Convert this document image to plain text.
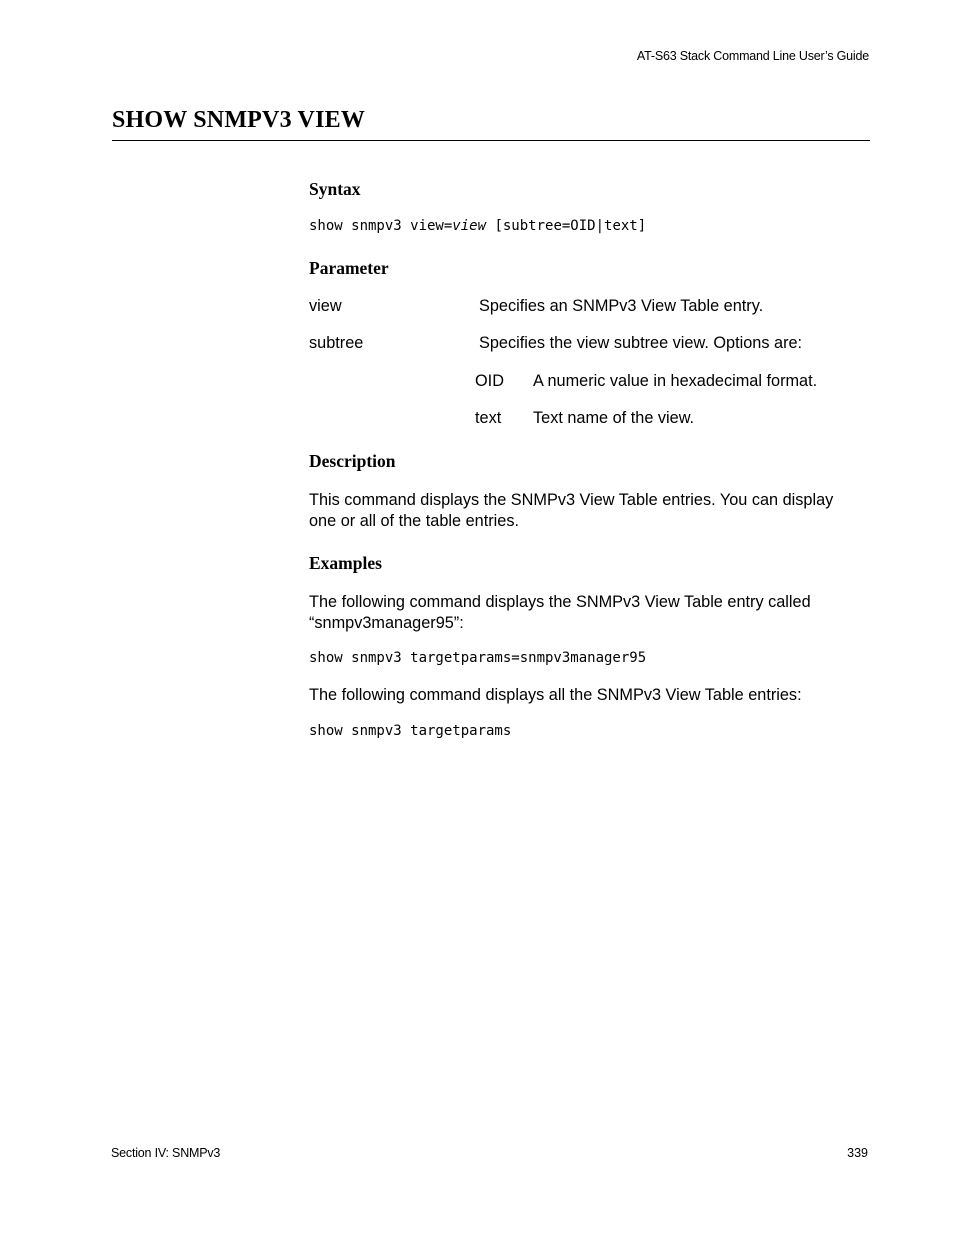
AT-S63 Stack Command Line User’s Guide
SHOW SNMPV3 VIEW
Syntax
show snmpv3 view=view [subtree=OID|text]
Parameter
view	Specifies an SNMPv3 View Table entry.
subtree	Specifies the view subtree view. Options are:
OID A numeric value in hexadecimal format.
text Text name of the view.
Description
This command displays the SNMPv3 View Table entries. You can display
one or all of the table entries.
Examples
The following command displays the SNMPv3 View Table entry called
“snmpv3manager95”:
show snmpv3 targetparams=snmpv3manager95
The following command displays all the SNMPv3 View Table entries:
show snmpv3 targetparams
Section IV: SNMPv3	339
